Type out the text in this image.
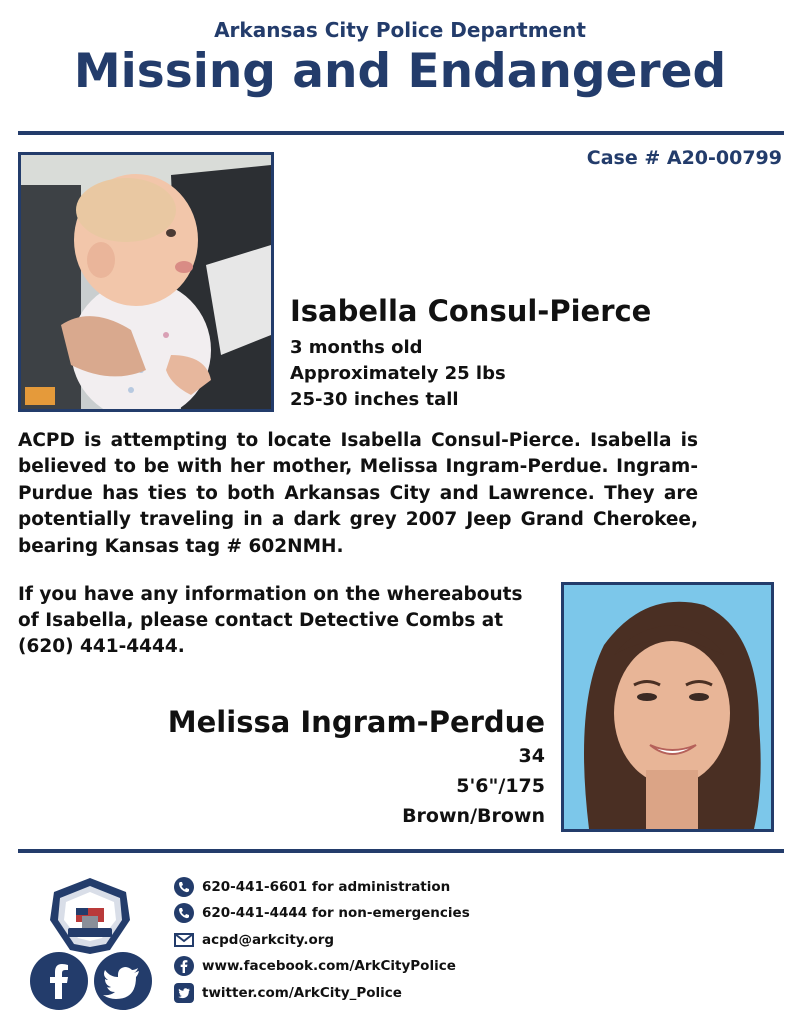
Arkansas City Police Department
Missing and Endangered
Case # A20-00799
Isabella Consul-Pierce
3 months old
Approximately 25 lbs
25-30 inches tall
ACPD is attempting to locate Isabella Consul-Pierce. Isabella is believed to be with her mother, Melissa Ingram-Perdue. Ingram-Purdue has ties to both Arkansas City and Lawrence. They are potentially traveling in a dark grey 2007 Jeep Grand Cherokee, bearing Kansas tag # 602NMH.
If you have any information on the whereabouts of Isabella, please contact Detective Combs at (620) 441-4444.
Melissa Ingram-Perdue
34
5'6"/175
Brown/Brown
620-441-6601 for administration
620-441-4444 for non-emergencies
acpd@arkcity.org
www.facebook.com/ArkCityPolice
twitter.com/ArkCity_Police
